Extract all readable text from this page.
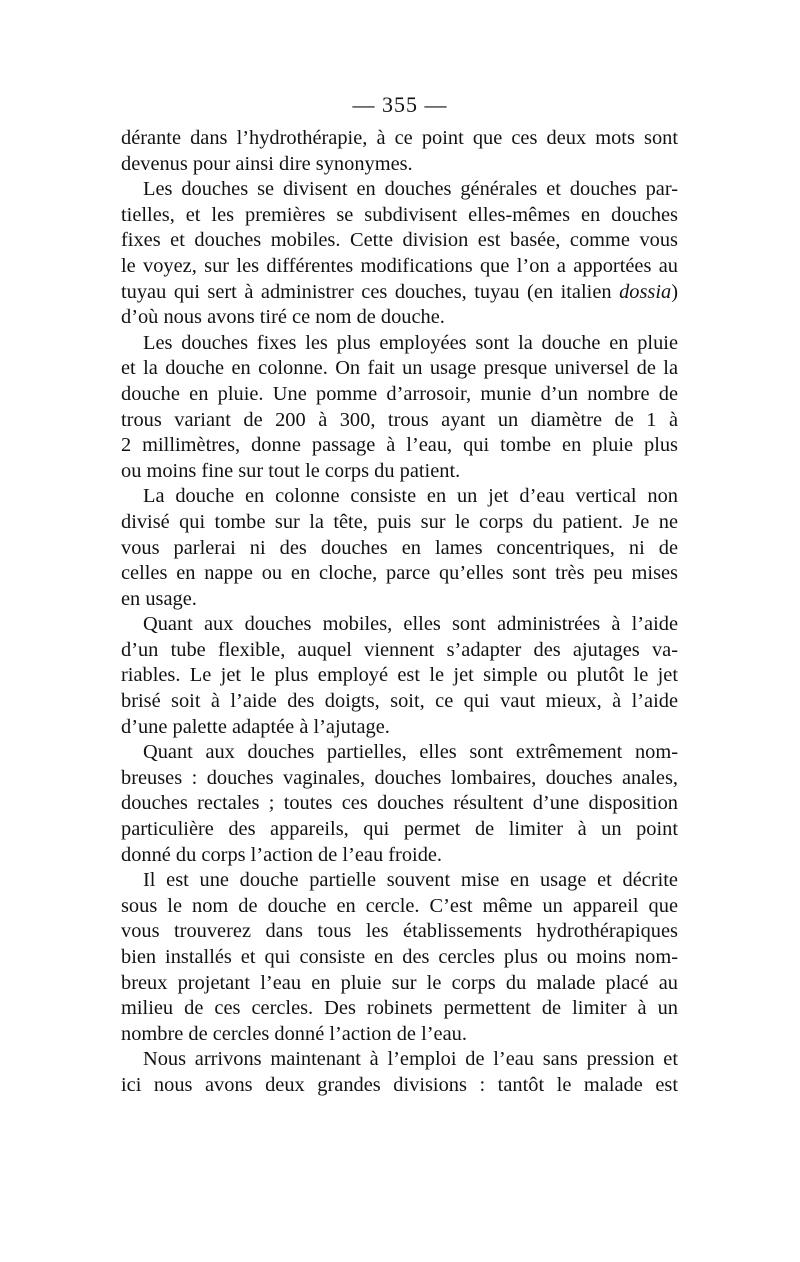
— 355 —
dérante dans l’hydrothérapie, à ce point que ces deux mots sont
devenus pour ainsi dire synonymes.
Les douches se divisent en douches générales et douches par-
tielles, et les premières se subdivisent elles-mêmes en douches
fixes et douches mobiles. Cette division est basée, comme vous
le voyez, sur les différentes modifications que l’on a apportées au
tuyau qui sert à administrer ces douches, tuyau (en italien dossia)
d’où nous avons tiré ce nom de douche.
Les douches fixes les plus employées sont la douche en pluie
et la douche en colonne. On fait un usage presque universel de la
douche en pluie. Une pomme d’arrosoir, munie d’un nombre de
trous variant de 200 à 300, trous ayant un diamètre de 1 à
2 millimètres, donne passage à l’eau, qui tombe en pluie plus
ou moins fine sur tout le corps du patient.
La douche en colonne consiste en un jet d’eau vertical non
divisé qui tombe sur la tête, puis sur le corps du patient. Je ne
vous parlerai ni des douches en lames concentriques, ni de
celles en nappe ou en cloche, parce qu’elles sont très peu mises
en usage.
Quant aux douches mobiles, elles sont administrées à l’aide
d’un tube flexible, auquel viennent s’adapter des ajutages va-
riables. Le jet le plus employé est le jet simple ou plutôt le jet
brisé soit à l’aide des doigts, soit, ce qui vaut mieux, à l’aide
d’une palette adaptée à l’ajutage.
Quant aux douches partielles, elles sont extrêmement nom-
breuses : douches vaginales, douches lombaires, douches anales,
douches rectales ; toutes ces douches résultent d’une disposition
particulière des appareils, qui permet de limiter à un point
donné du corps l’action de l’eau froide.
Il est une douche partielle souvent mise en usage et décrite
sous le nom de douche en cercle. C’est même un appareil que
vous trouverez dans tous les établissements hydrothérapiques
bien installés et qui consiste en des cercles plus ou moins nom-
breux projetant l’eau en pluie sur le corps du malade placé au
milieu de ces cercles. Des robinets permettent de limiter à un
nombre de cercles donné l’action de l’eau.
Nous arrivons maintenant à l’emploi de l’eau sans pression et
ici nous avons deux grandes divisions : tantôt le malade est
